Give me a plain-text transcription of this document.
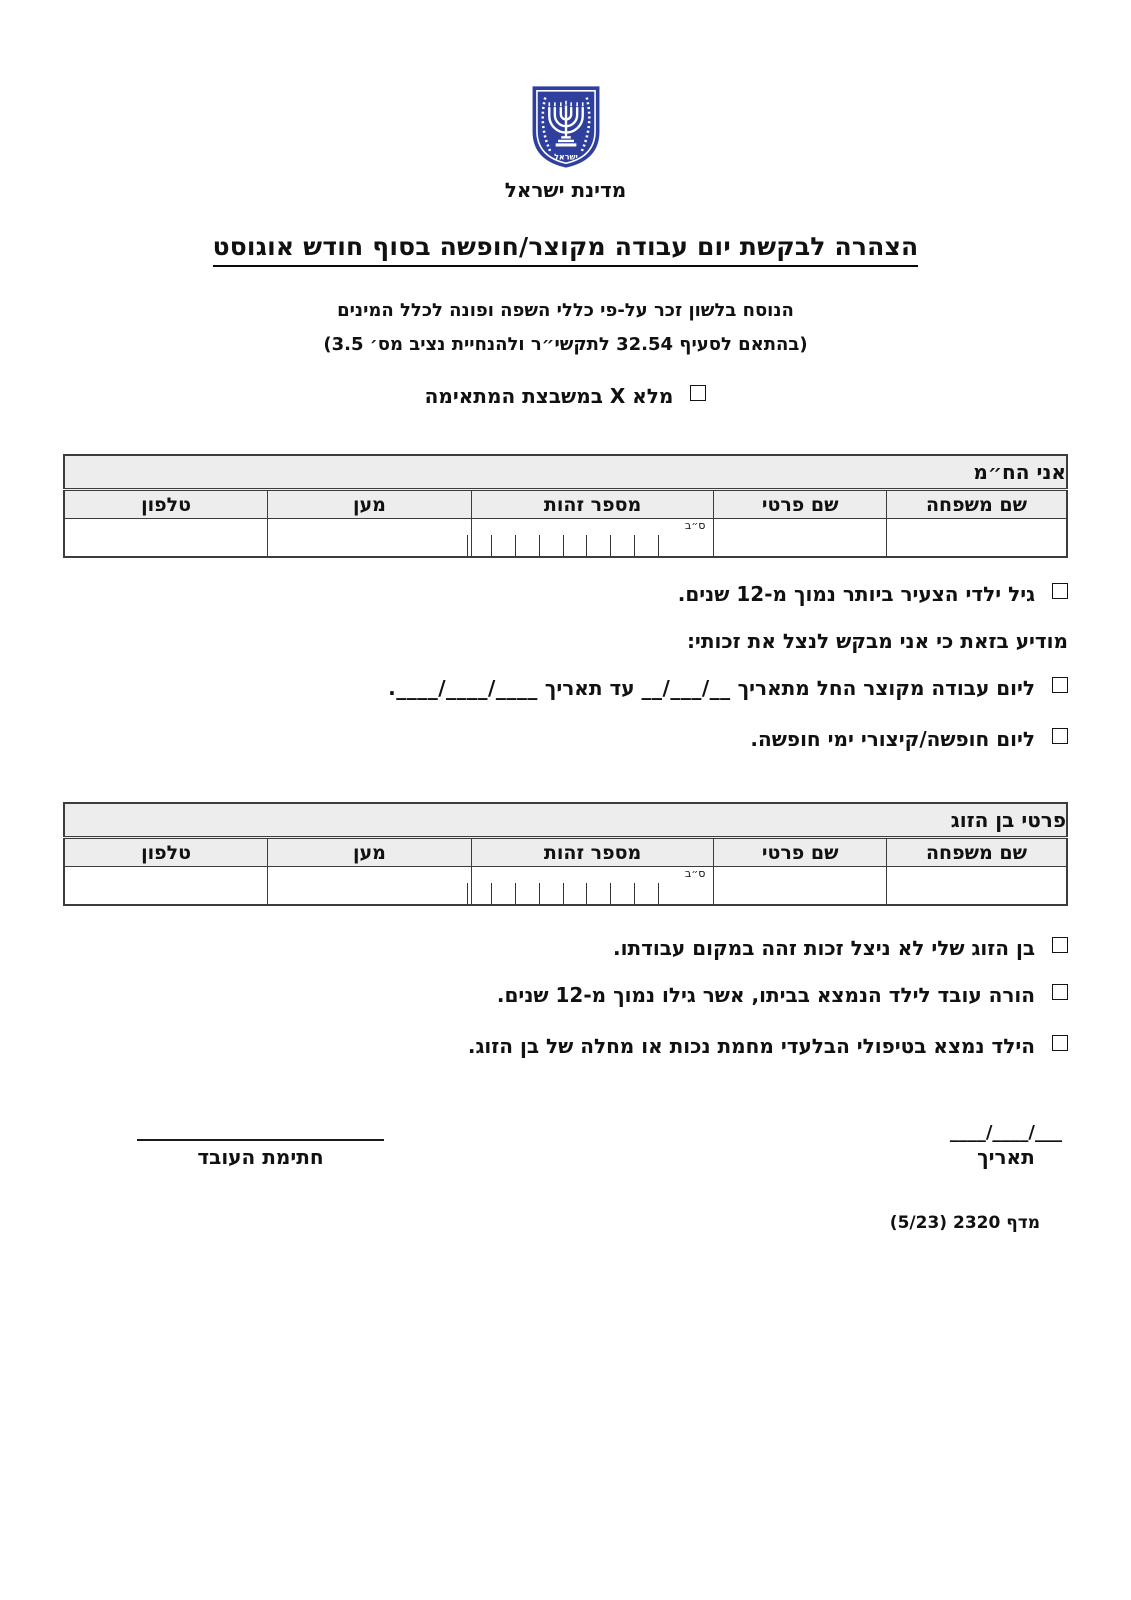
ישראל
מדינת ישראל
הצהרה לבקשת יום עבודה מקוצר/חופשה בסוף חודש אוגוסט
הנוסח בלשון זכר על-פי כללי השפה ופונה לכלל המינים
(בהתאם לסעיף 32.54 לתקשי״ר ולהנחיית נציב מס׳ 3.5)
מלא X במשבצת המתאימה
אני הח״מ				
שם משפחה	שם פרטי	מספר זהות	מען	טלפון

		ס״ב		

גיל ילדי הצעיר ביותר נמוך מ-12 שנים.
מודיע בזאת כי אני מבקש לנצל את זכותי:
ליום עבודה מקוצר החל מתאריך __/___/__ עד תאריך ____/____/____.
ליום חופשה/קיצורי ימי חופשה.
פרטי בן הזוג				
שם משפחה	שם פרטי	מספר זהות	מען	טלפון

		ס״ב		

בן הזוג שלי לא ניצל זכות זהה במקום עבודתו.
הורה עובד לילד הנמצא בביתו, אשר גילו נמוך מ-12 שנים.
הילד נמצא בטיפולי הבלעדי מחמת נכות או מחלה של בן הזוג.
___/____/____
תאריך
חתימת העובד
מדף 2320 (5/23)
